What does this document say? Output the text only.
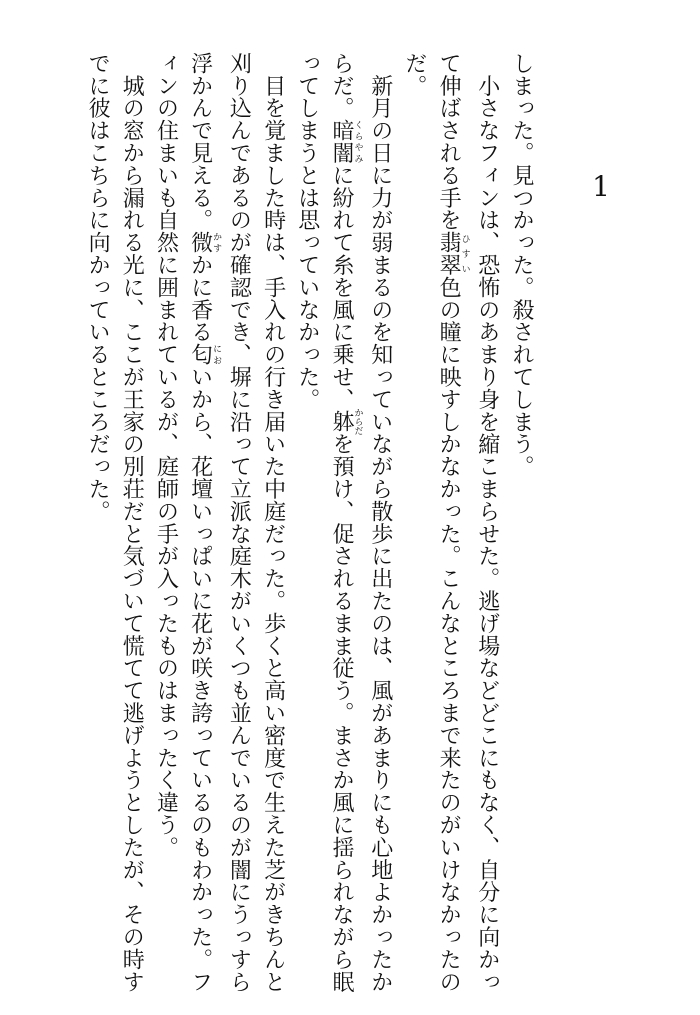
1

しまった。見つかった。殺されてしまう。

　小さなフィンは、恐怖のあまり身を縮こまらせた。逃げ場などどこにもなく、自分に向かっ

て伸ばされる手を翡翠ひすい色の瞳に映すしかなかった。こんなところまで来たのがいけなかったの

だ。

　新月の日に力が弱まるのを知っていながら散歩に出たのは、風があまりにも心地よかったか

らだ。暗闇くらやみに紛れて糸を風に乗せ、躰からだを預け、促されるまま従う。まさか風に揺られながら眠

ってしまうとは思っていなかった。

　目を覚ました時は、手入れの行き届いた中庭だった。歩くと高い密度で生えた芝がきちんと

刈り込んであるのが確認でき、塀に沿って立派な庭木がいくつも並んでいるのが闇にうっすら

浮かんで見える。微かすかに香る匂においから、花壇いっぱいに花が咲き誇っているのもわかった。フ

ィンの住まいも自然に囲まれているが、庭師の手が入ったものはまったく違う。

　城の窓から漏れる光に、ここが王家の別荘だと気づいて慌てて逃げようとしたが、その時す

でに彼はこちらに向かっているところだった。
